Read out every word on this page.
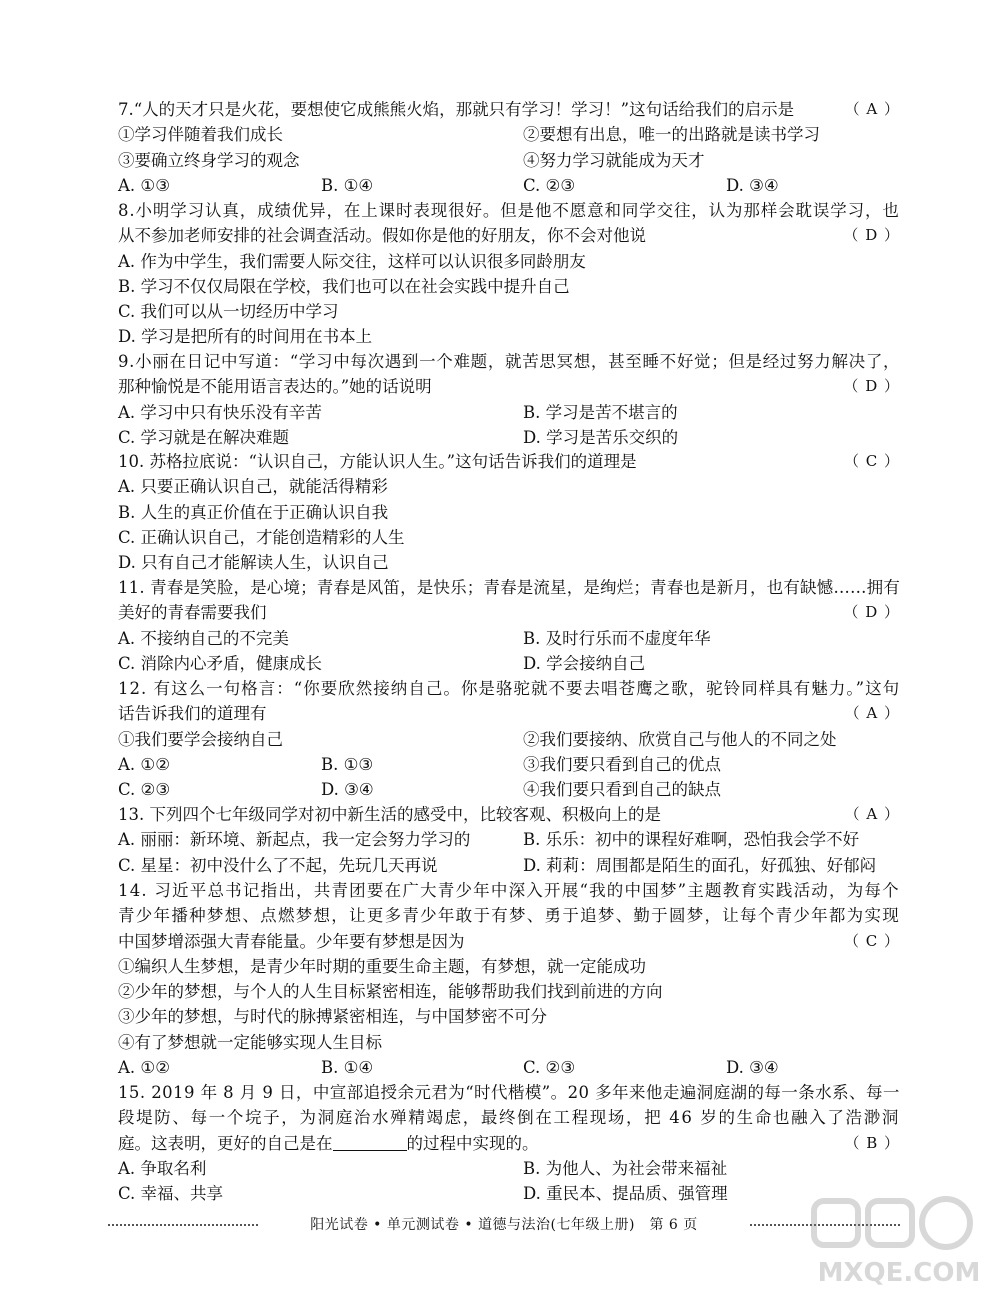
7.“人的天才只是火花，要想使它成熊熊火焰，那就只有学习！学习！”这句话给我们的启示是	（ A ）
①学习伴随着我们成长	②要想有出息，唯一的出路就是读书学习
③要确立终身学习的观念	④努力学习就能成为天才
A. ①③	B. ①④	C. ②③	D. ③④
8.小明学习认真，成绩优异，在上课时表现很好。但是他不愿意和同学交往，认为那样会耽误学习，也
从不参加老师安排的社会调查活动。假如你是他的好朋友，你不会对他说	（ D ）
A. 作为中学生，我们需要人际交往，这样可以认识很多同龄朋友
B. 学习不仅仅局限在学校，我们也可以在社会实践中提升自己
C. 我们可以从一切经历中学习
D. 学习是把所有的时间用在书本上
9.小丽在日记中写道：“学习中每次遇到一个难题，就苦思冥想，甚至睡不好觉；但是经过努力解决了，
那种愉悦是不能用语言表达的。”她的话说明	（ D ）
A. 学习中只有快乐没有辛苦	B. 学习是苦不堪言的
C. 学习就是在解决难题	D. 学习是苦乐交织的
10. 苏格拉底说：“认识自己，方能认识人生。”这句话告诉我们的道理是	（ C ）
A. 只要正确认识自己，就能活得精彩
B. 人生的真正价值在于正确认识自我
C. 正确认识自己，才能创造精彩的人生
D. 只有自己才能解读人生，认识自己
11. 青春是笑脸，是心境；青春是风笛，是快乐；青春是流星，是绚烂；青春也是新月，也有缺憾……拥有
美好的青春需要我们	（ D ）
A. 不接纳自己的不完美	B. 及时行乐而不虚度年华
C. 消除内心矛盾，健康成长	D. 学会接纳自己
12. 有这么一句格言：“你要欣然接纳自己。你是骆驼就不要去唱苍鹰之歌，驼铃同样具有魅力。”这句
话告诉我们的道理有	（ A ）
①我们要学会接纳自己	②我们要接纳、欣赏自己与他人的不同之处
A. ①②	B. ①③	③我们要只看到自己的优点
C. ②③	D. ③④	④我们要只看到自己的缺点
13. 下列四个七年级同学对初中新生活的感受中，比较客观、积极向上的是	（ A ）
A. 丽丽：新环境、新起点，我一定会努力学习的	B. 乐乐：初中的课程好难啊，恐怕我会学不好
C. 星星：初中没什么了不起，先玩几天再说	D. 莉莉：周围都是陌生的面孔，好孤独、好郁闷
14. 习近平总书记指出，共青团要在广大青少年中深入开展“我的中国梦”主题教育实践活动，为每个
青少年播种梦想、点燃梦想，让更多青少年敢于有梦、勇于追梦、勤于圆梦，让每个青少年都为实现
中国梦增添强大青春能量。少年要有梦想是因为	（ C ）
①编织人生梦想，是青少年时期的重要生命主题，有梦想，就一定能成功
②少年的梦想，与个人的人生目标紧密相连，能够帮助我们找到前进的方向
③少年的梦想，与时代的脉搏紧密相连，与中国梦密不可分
④有了梦想就一定能够实现人生目标
A. ①②	B. ①④	C. ②③	D. ③④
15. 2019 年 8 月 9 日，中宣部追授余元君为“时代楷模”。20 多年来他走遍洞庭湖的每一条水系、每一
段堤防、每一个垸子，为洞庭治水殚精竭虑，最终倒在工程现场，把 46 岁的生命也融入了浩渺洞
庭。这表明，更好的自己是在	的过程中实现的。	（ B ）
A. 争取名利	B. 为他人、为社会带来福祉
C. 幸福、共享	D. 重民本、提品质、强管理
阳光试卷 • 单元测试卷 • 道德与法治(七年级上册)　第 6 页
MXQE.COM
